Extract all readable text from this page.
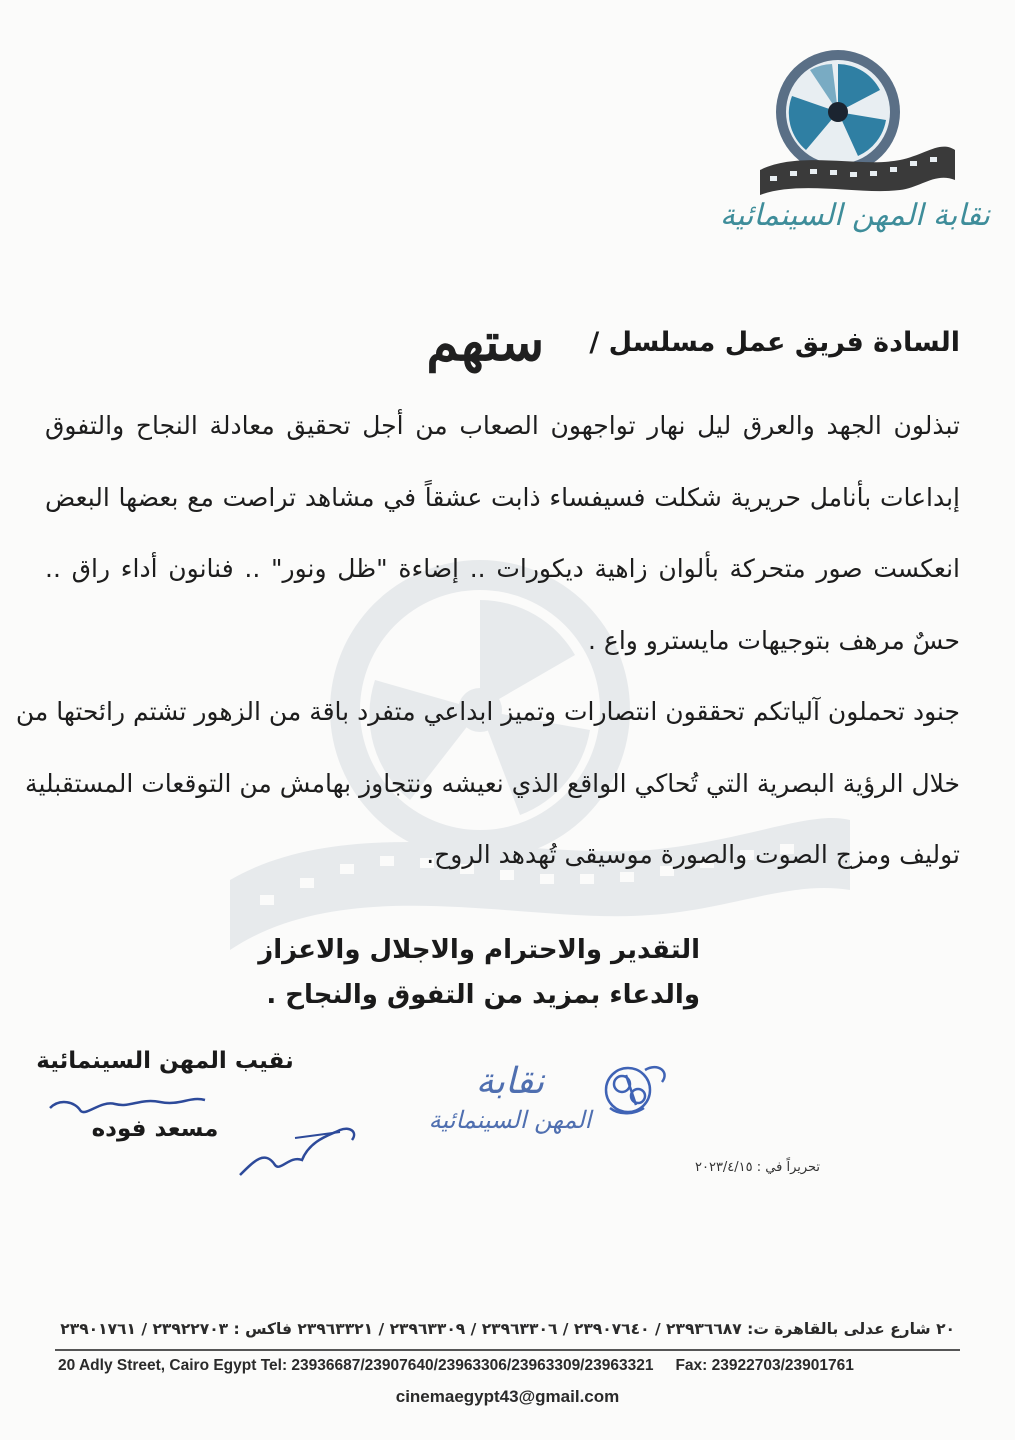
نقابة المهن السينمائية
السادة فريق عمل مسلسل / ستهم
تبذلون الجهد والعرق ليل نهار تواجهون الصعاب من أجل تحقيق معادلة النجاح والتفوق
إبداعات بأنامل حريرية شكلت فسيفساء ذابت عشقاً في مشاهد تراصت مع بعضها البعض
انعكست صور متحركة بألوان زاهية ديكورات .. إضاءة "ظل ونور" .. فنانون أداء راق ..
حسٌ مرهف بتوجيهات مايسترو واع .
جنود تحملون آلياتكم تحققون انتصارات وتميز ابداعي متفرد باقة من الزهور تشتم رائحتها من
خلال الرؤية البصرية التي تُحاكي الواقع الذي نعيشه ونتجاوز بهامش من التوقعات المستقبلية
توليف ومزج الصوت والصورة موسيقى تُهدهد الروح.
التقدير والاحترام والاجلال والاعزاز
والدعاء بمزيد من التفوق والنجاح .
نقيب المهن السينمائية
مسعد فوده
نقابة
المهن السينمائية
تحريراً في : ٢٠٢٣/٤/١٥
٢٠ شارع عدلى بالقاهرة ت: ٢٣٩٣٦٦٨٧ / ٢٣٩٠٧٦٤٠ / ٢٣٩٦٣٣٠٦ / ٢٣٩٦٣٣٠٩ / ٢٣٩٦٣٣٢١ فاكس : ٢٣٩٢٢٧٠٣ / ٢٣٩٠١٧٦١
20 Adly Street, Cairo Egypt Tel: 23936687/23907640/23963306/23963309/23963321 Fax: 23922703/23901761
cinemaegypt43@gmail.com
